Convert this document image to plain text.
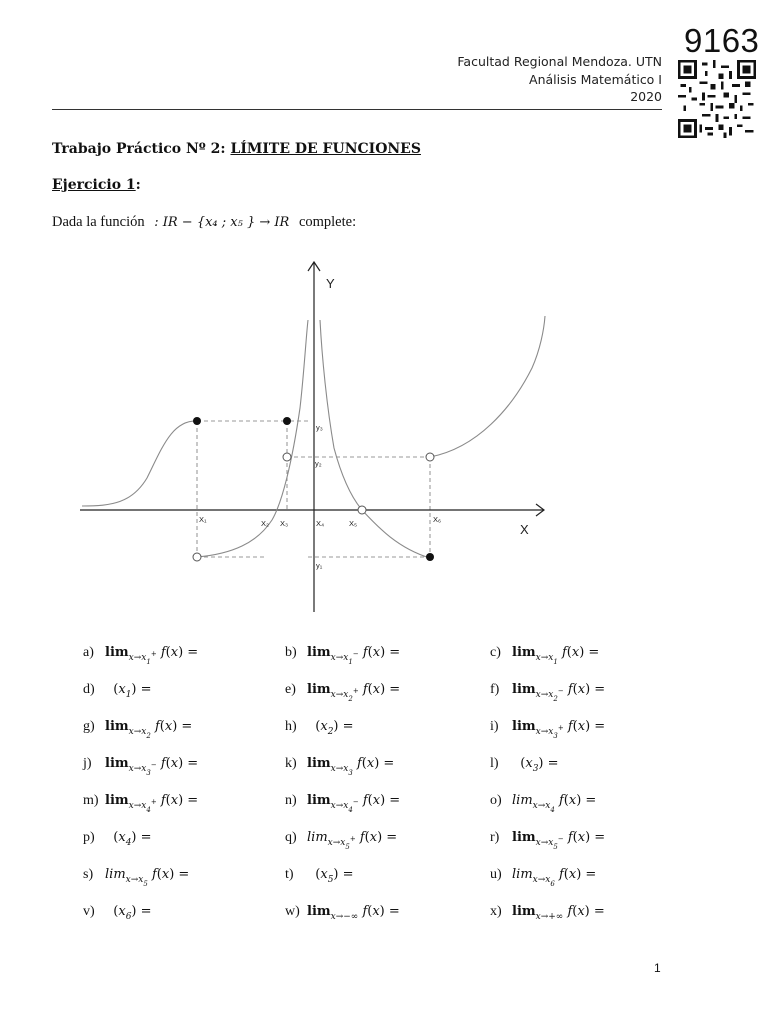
9163
Facultad Regional Mendoza. UTN
Análisis Matemático I
2020
Trabajo Práctico Nº 2: LÍMITE DE FUNCIONES
Ejercicio 1:
Dada la función : IR − {x₄ ; x₅ } → IR complete:
Y
X
X₁	X₂ X₃	X₄	X₅	X₆
y₃
y₂
y₁
a) $\lim_{x\to x_1^+} f(x)$ =	b) $\lim_{x\to x_1^-} f(x)$ =	c) $\lim_{x\to x_1} f(x)$ =
d)  $(x_1)$ =	e) $\lim_{x\to x_2^+} f(x)$ =	f) $\lim_{x\to x_2^-} f(x)$ =
g) $\lim_{x\to x_2} f(x)$ =	h)  $(x_2)$ =	i) $\lim_{x\to x_3^+} f(x)$ =
j) $\lim_{x\to x_3^-} f(x)$ =	k) $\lim_{x\to x_3} f(x)$ =	l)  $(x_3)$ =
m) $\lim_{x\to x_4^+} f(x)$ =	n) $\lim_{x\to x_4^-} f(x)$ =	o) $\lim_{x\to x_4} f(x)$ =
p)  $(x_4)$ =	q) $\lim_{x\to x_5^+} f(x)$ =	r) $\lim_{x\to x_5^-} f(x)$ =
s) $\lim_{x\to x_5} f(x)$ =	t)  $(x_5)$ =	u) $\lim_{x\to x_6} f(x)$ =
v)  $(x_6)$ =	w) $\lim_{x\to-\infty} f(x)$ =	x) $\lim_{x\to+\infty} f(x)$ =
1
